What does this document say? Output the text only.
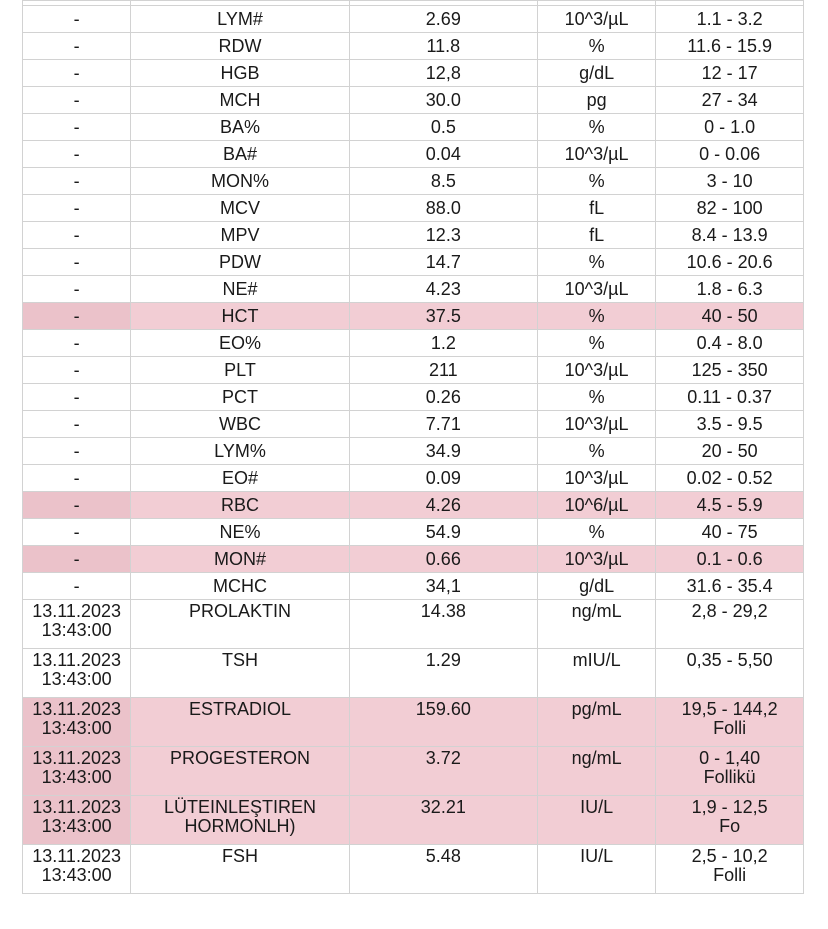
-	LYM#	2.69	10^3/µL	1.1 - 3.2

-	RDW	11.8	%	11.6 - 15.9

-	HGB	12,8	g/dL	12 - 17

-	MCH	30.0	pg	27 - 34

-	BA%	0.5	%	0 - 1.0

-	BA#	0.04	10^3/µL	0 - 0.06

-	MON%	8.5	%	3 - 10

-	MCV	88.0	fL	82 - 100

-	MPV	12.3	fL	8.4 - 13.9

-	PDW	14.7	%	10.6 - 20.6

-	NE#	4.23	10^3/µL	1.8 - 6.3

-	HCT	37.5	%	40 - 50

-	EO%	1.2	%	0.4 - 8.0

-	PLT	211	10^3/µL	125 - 350

-	PCT	0.26	%	0.11 - 0.37

-	WBC	7.71	10^3/µL	3.5 - 9.5

-	LYM%	34.9	%	20 - 50

-	EO#	0.09	10^3/µL	0.02 - 0.52

-	RBC	4.26	10^6/µL	4.5 - 5.9

-	NE%	54.9	%	40 - 75

-	MON#	0.66	10^3/µL	0.1 - 0.6

-	MCHC	34,1	g/dL	31.6 - 35.4

13.11.2023
13:43:00	PROLAKTIN	14.38	ng/mL	2,8 - 29,2

13.11.2023
13:43:00	TSH	1.29	mIU/L	0,35 - 5,50

13.11.2023
13:43:00	ESTRADIOL	159.60	pg/mL	19,5 - 144,2
Folli

13.11.2023
13:43:00	PROGESTERON	3.72	ng/mL	0 - 1,40
Follikü

13.11.2023
13:43:00	LÜTEINLEŞTIREN
HORMONLH)	32.21	IU/L	1,9 - 12,5
Fo

13.11.2023
13:43:00	FSH	5.48	IU/L	2,5 - 10,2
Folli
